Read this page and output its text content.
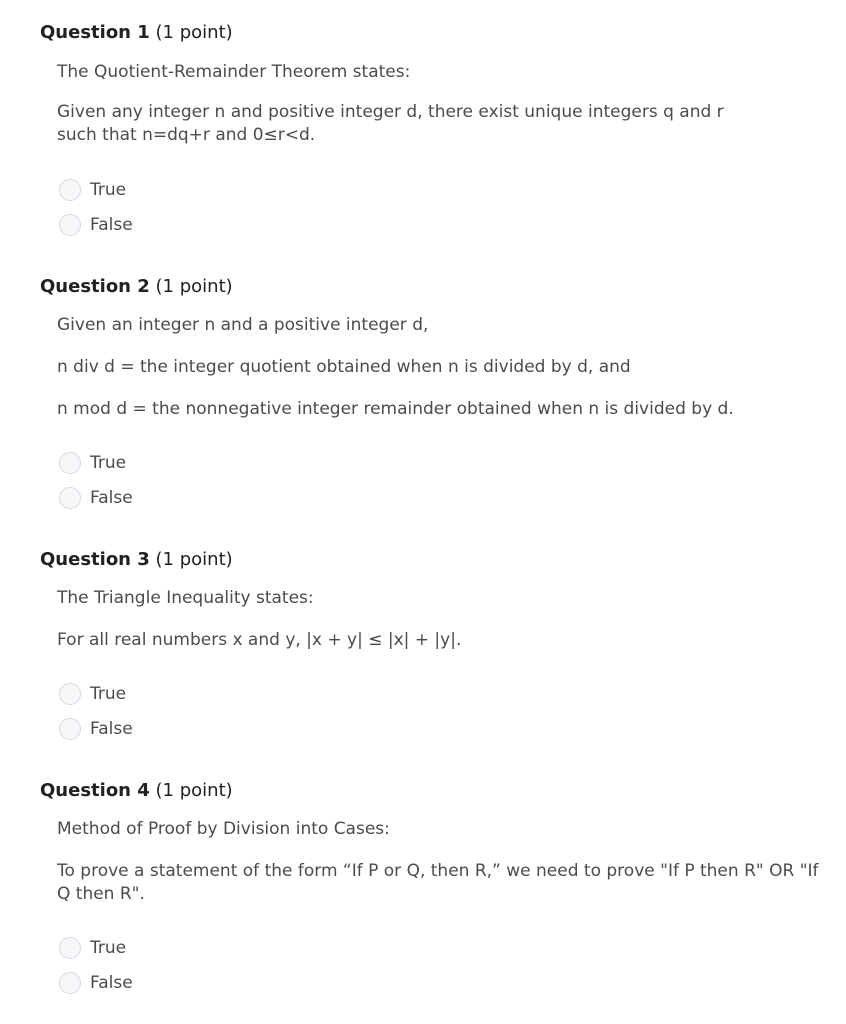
Question 1 (1 point)
The Quotient-Remainder Theorem states:
Given any integer n and positive integer d, there exist unique integers q and r such that n=dq+r and 0≤r<d.
True
False
Question 2 (1 point)
Given an integer n and a positive integer d,
n div d = the integer quotient obtained when n is divided by d, and
n mod d = the nonnegative integer remainder obtained when n is divided by d.
True
False
Question 3 (1 point)
The Triangle Inequality states:
For all real numbers x and y, |x + y| ≤ |x| + |y|.
True
False
Question 4 (1 point)
Method of Proof by Division into Cases:
To prove a statement of the form “If P or Q, then R,” we need to prove "If P then R" OR "If Q then R".
True
False
